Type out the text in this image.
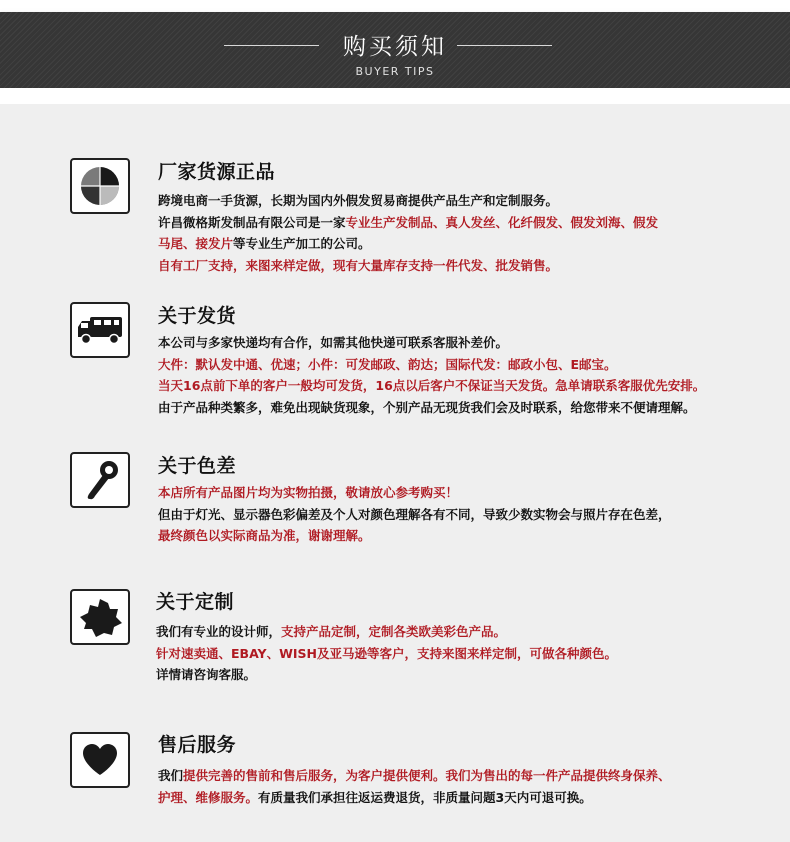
购买须知
BUYER TIPS
厂家货源正品
跨境电商一手货源，长期为国内外假发贸易商提供产品生产和定制服务。
许昌微格斯发制品有限公司是一家专业生产发制品、真人发丝、化纤假发、假发刘海、假发
马尾、接发片等专业生产加工的公司。
自有工厂支持，来图来样定做，现有大量库存支持一件代发、批发销售。
关于发货
本公司与多家快递均有合作，如需其他快递可联系客服补差价。
大件：默认发中通、优速；小件：可发邮政、韵达；国际代发：邮政小包、E邮宝。
当天16点前下单的客户一般均可发货，16点以后客户不保证当天发货。急单请联系客服优先安排。
由于产品种类繁多，难免出现缺货现象，个别产品无现货我们会及时联系，给您带来不便请理解。
关于色差
本店所有产品图片均为实物拍摄，敬请放心参考购买！
但由于灯光、显示器色彩偏差及个人对颜色理解各有不同，导致少数实物会与照片存在色差，
最终颜色以实际商品为准，谢谢理解。
关于定制
我们有专业的设计师，支持产品定制，定制各类欧美彩色产品。
针对速卖通、EBAY、WISH及亚马逊等客户，支持来图来样定制，可做各种颜色。
详情请咨询客服。
售后服务
我们提供完善的售前和售后服务，为客户提供便利。我们为售出的每一件产品提供终身保养、
护理、维修服务。有质量我们承担往返运费退货，非质量问题3天内可退可换。
